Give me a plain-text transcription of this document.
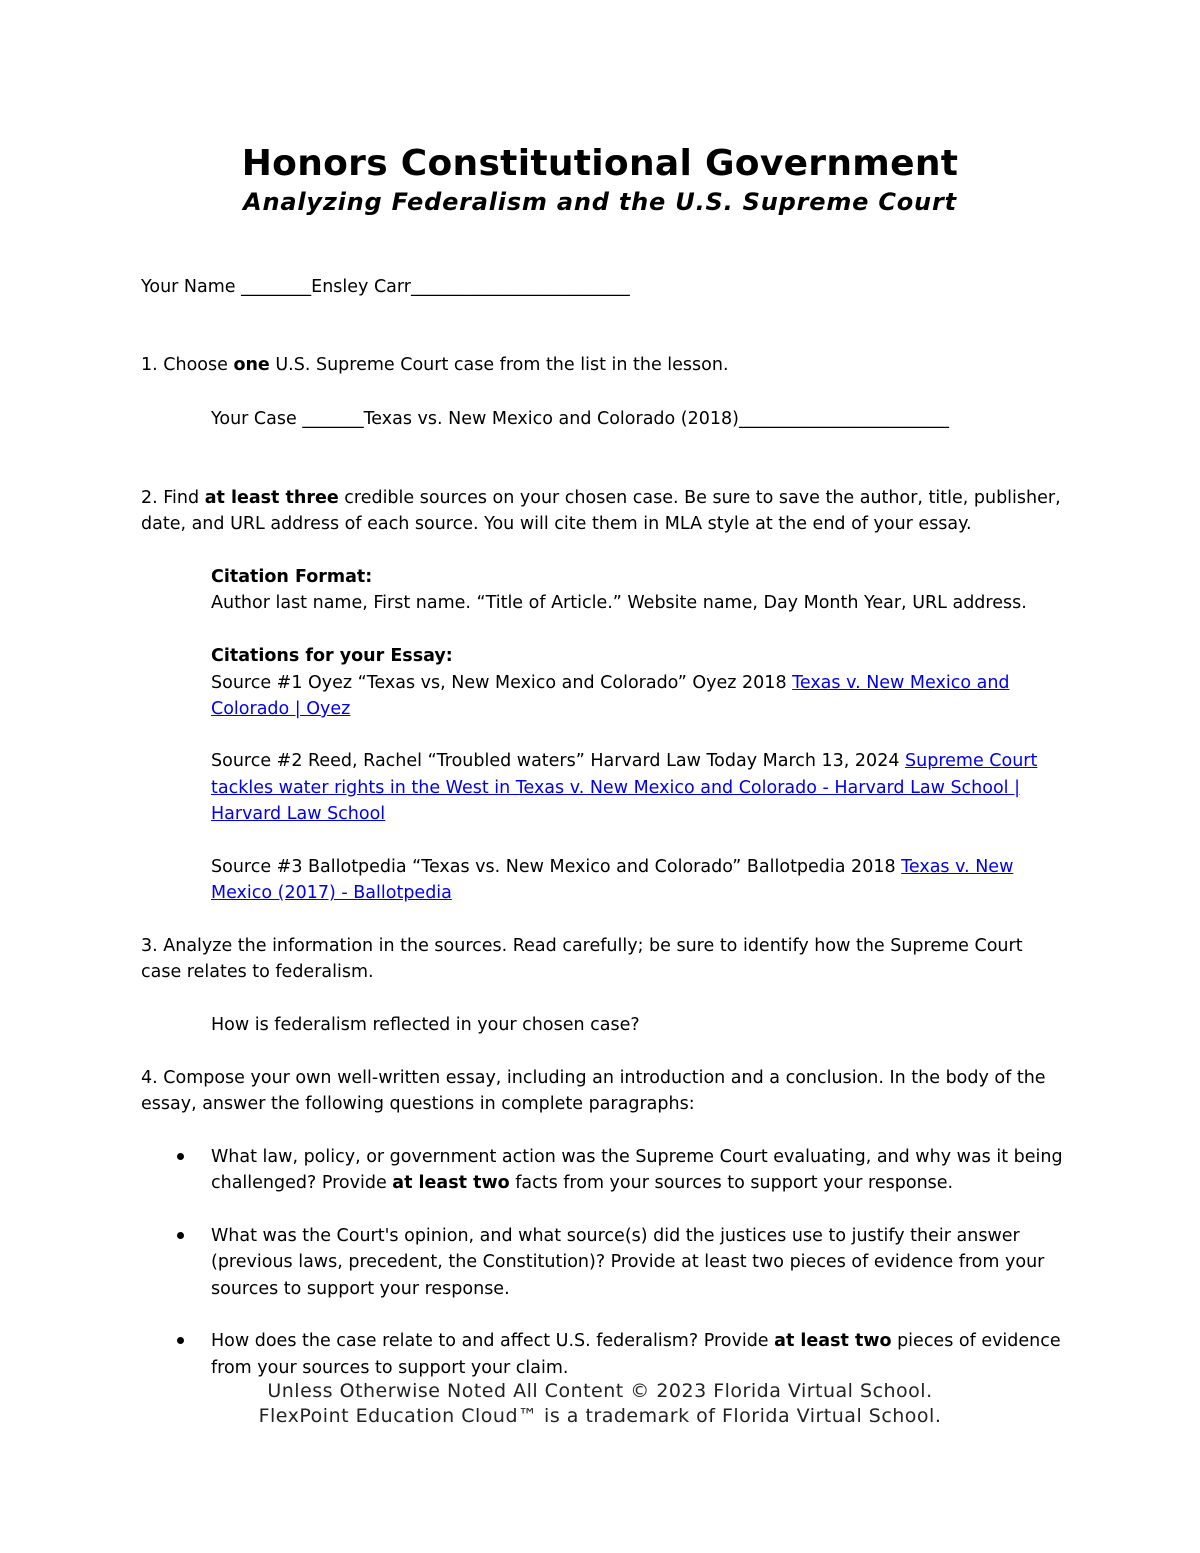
Honors Constitutional Government
Analyzing Federalism and the U.S. Supreme Court
Your Name ________Ensley Carr_________________________
1. Choose one U.S. Supreme Court case from the list in the lesson.
Your Case _______Texas vs. New Mexico and Colorado (2018)________________________
2. Find at least three credible sources on your chosen case. Be sure to save the author, title, publisher,
date, and URL address of each source. You will cite them in MLA style at the end of your essay.
Citation Format:
Author last name, First name. “Title of Article.” Website name, Day Month Year, URL address.
Citations for your Essay:
Source #1 Oyez “Texas vs, New Mexico and Colorado” Oyez 2018 Texas v. New Mexico and
Colorado | Oyez
Source #2 Reed, Rachel “Troubled waters” Harvard Law Today March 13, 2024 Supreme Court
tackles water rights in the West in Texas v. New Mexico and Colorado - Harvard Law School |
Harvard Law School
Source #3 Ballotpedia “Texas vs. New Mexico and Colorado” Ballotpedia 2018 Texas v. New
Mexico (2017) - Ballotpedia
3. Analyze the information in the sources. Read carefully; be sure to identify how the Supreme Court
case relates to federalism.
How is federalism reflected in your chosen case?
4. Compose your own well-written essay, including an introduction and a conclusion. In the body of the
essay, answer the following questions in complete paragraphs:
What law, policy, or government action was the Supreme Court evaluating, and why was it being
challenged? Provide at least two facts from your sources to support your response.
What was the Court's opinion, and what source(s) did the justices use to justify their answer
(previous laws, precedent, the Constitution)? Provide at least two pieces of evidence from your
sources to support your response.
How does the case relate to and affect U.S. federalism? Provide at least two pieces of evidence
from your sources to support your claim.
Unless Otherwise Noted All Content © 2023 Florida Virtual School.
FlexPoint Education Cloud™ is a trademark of Florida Virtual School.
